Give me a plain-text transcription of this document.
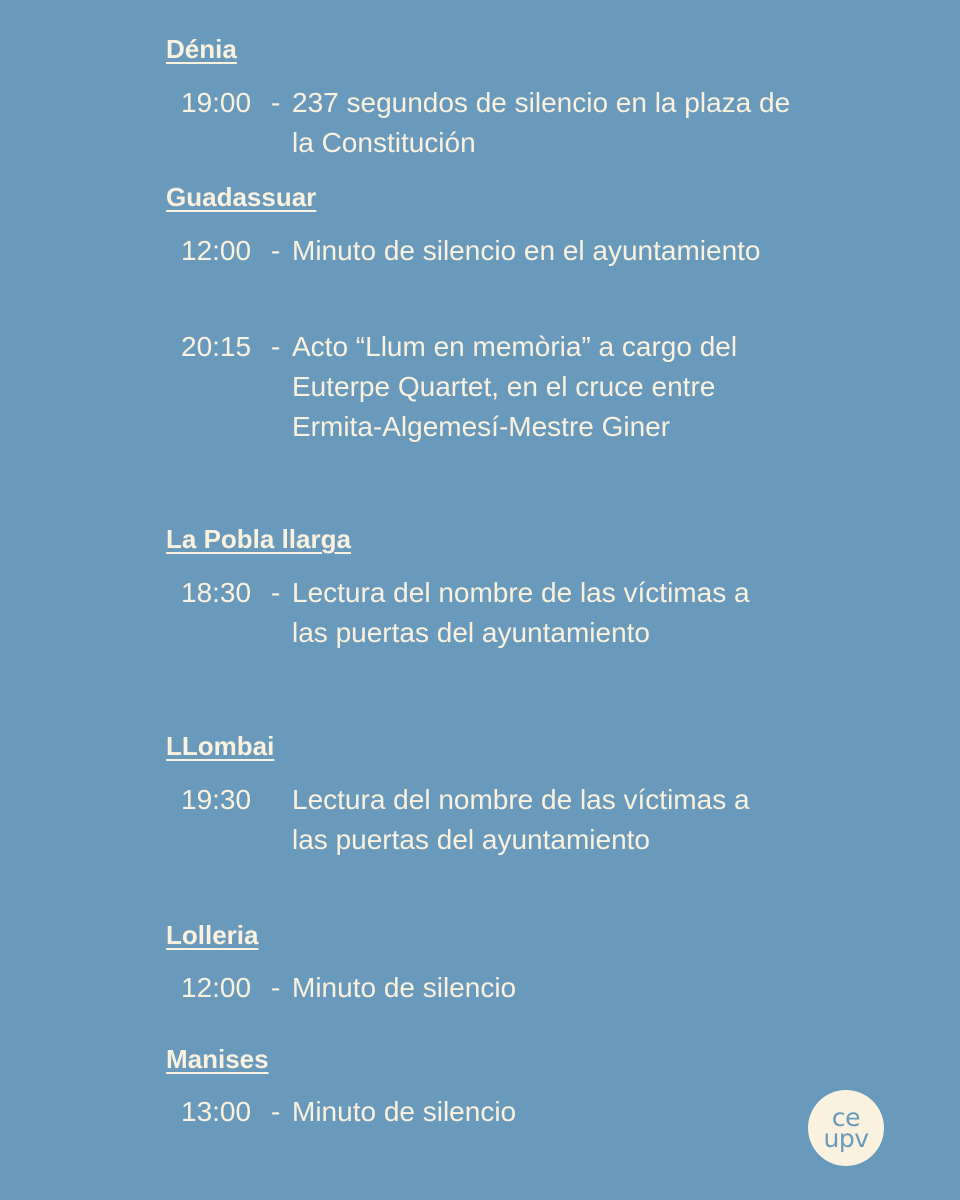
Dénia
19:00 - 237 segundos de silencio en la plaza de la Constitución
Guadassuar
12:00 - Minuto de silencio en el ayuntamiento
20:15 - Acto “Llum en memòria” a cargo del Euterpe Quartet, en el cruce entre Ermita-Algemesí-Mestre Giner
La Pobla llarga
18:30 - Lectura del nombre de las víctimas a las puertas del ayuntamiento
LLombai
19:30 Lectura del nombre de las víctimas a las puertas del ayuntamiento
Lolleria
12:00 - Minuto de silencio
Manises
13:00 - Minuto de silencio	ce
upv
